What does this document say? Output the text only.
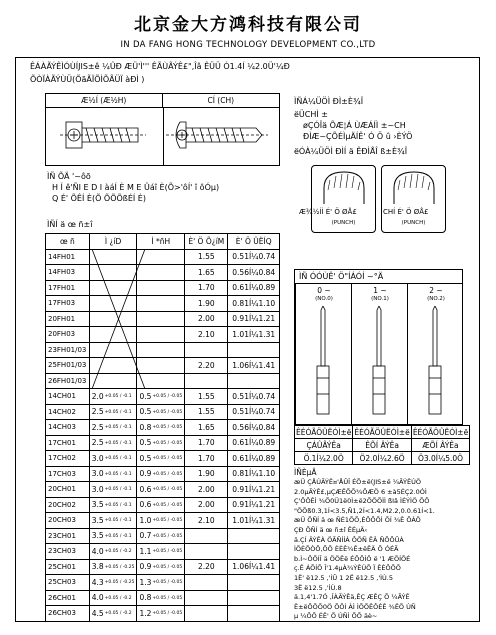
北京金大方鸿科技有限公司
IN DA FANG HONG TECHNOLOGY DEVELOPMENT CO.,LTD
ÊÁÀÃÝÊÌÓÙÍJIS±ê ¼ÛÐ ÆÜ'Ì''' ÊÃÙÃÝÊ£",Îâ ÊÜÜ Ó1.4Í ¼2.0Ü'¼Ð
ÕÒÏÀÃÝÙÜ(ÕãÃÏÕÌÕÃÜÏ àÐÌ )
Æ½Í (Æ½H)	CÍ (CH)
ÌÑ ÕÄ '~ôõ
H Í ê'ÑI E D I àáÍ È M E Ûáî È(Õ>'ôÍ' î ôÓµ)
Q É' ÕÊÍ È(Õ ÕÕÕßÉÍ É)
ÌÑÍ ä œ ñ±î
œ ñ	Ì ¿íD	Ì *ñH	È' Ö Õ¿íM	È' Ö ÛËÍQ
14FH01			1.55	0.51Í¼0.74
14FH03			1.65	0.56Í¼0.84
17FH01			1.70	0.61Í¼0.89
17FH03			1.90	0.81Í¼1.10
20FH01			2.00	0.91Í¼1.21
20FH03			2.10	1.01Í¼1.31
23FH01/03				
25FH01/03			2.20	1.06Í¼1.41
26FH01/03				
14CH01	2.0+0.05 / -0.1	0.5+0.05 / -0.05	1.55	0.51Í¼0.74
14CH02	2.5+0.05 / -0.1	0.5+0.05 / -0.05	1.55	0.51Í¼0.74
14CH03	2.5+0.05 / -0.1	0.8+0.05 / -0.05	1.65	0.56Í¼0.84
17CH01	2.5+0.05 / -0.1	0.5+0.05 / -0.05	1.70	0.61Í¼0.89
17CH02	3.0+0.05 / -0.1	0.5+0.05 / -0.05	1.70	0.61Í¼0.89
17CH03	3.0+0.05 / -0.1	0.9+0.05 / -0.05	1.90	0.81Í¼1.10
20CH01	3.0+0.05 / -0.1	0.6+0.05 / -0.05	2.00	0.91Í¼1.21
20CH02	3.5+0.05 / -0.1	0.6+0.05 / -0.05	2.00	0.91Í¼1.21
20CH03	3.5+0.05 / -0.1	1.0+0.05 / -0.05	2.10	1.01Í¼1.31
23CH01	3.5+0.05 / -0.1	0.7+0.05 / -0.05		
23CH03	4.0+0.05 / -0.2	1.1+0.05 / -0.05		
25CH01	3.8+0.05 / -0.25	0.9+0.05 / -0.05	2.20	1.06Í¼1.41
25CH03	4.3+0.05 / -0.25	1.3+0.05 / -0.05		
26CH01	4.0+0.05 / -0.2	0.8+0.05 / -0.05		
26CH03	4.5+0.05 / -0.2	1.2+0.05 / -0.05		
ÌÑÁ¼ÜÖÌ ÐÌ±È¾Î
ëÜCHÌ ±
øÇÓÎä ÕÆ¦Á ÙÆÁÍÌ ±~CH
ÐÌÆ~ÇÕÉÌµÄÍÊ' Ó Ö û ›ÈÝÖ
ëÓÀ¼ÜÖÌ ÐÌÍ ä ÊÐÌÅÎ ß±È¾Î
Æ¾½ÍÌ É' Ö ØÅ£
(PUNCH)
CHÍ É' Ö ØÅ£
(PUNCH)
ÌÑ ÓÓÙÊ' Ö"ÍÁÓÍ ~°Ä
0 ~
(NO.0)
1 ~
(NO.1)
2 ~
(NO.2)
ÊÉÓÃÖÛËÓÌ±ë	ÊÉÓÃÖÛËÓÌ±ë	ÊÉÓÃÖÛËÓÌ±ë
ÇÁÛÃÝÊa	ÊÕÍ ÂÝÊa	ÆÕÍ ÂÝÊa
Ö.1Í¼2.0Ö	Ö2.0Í¼2.6Ö	Ö3.0Í¼5.0Ö
ÌÑÈµÄ
æÜ ÇÅÚÃÝÊ¤'ÅÛÎ ÉÕ±ë(JIS±ë ¼ÃÝÊÙÖ
2.0µÃÝÊ£,µÇÆÊÕÕ¾ÕÆÖ 6 ±à5ÉÇ2.0ÓÌ
Ç'ÕÕÊÌ ¾Õ0Ü1ë0Ì±ë2ÕÕÕÌÌ ßIâ ÌÉÝÌÖ ÕÔ
"ÕÕß0.3,1Í<3.5,Ñ1,2Í<1.4,M2.2,0.0.61Í<1.
æÜ ÕÑÍ ä œ ÑÉ1ÕÕ,ÉÕÕÕÌ ÕÍ ¾Ê ÕÀÖ
ÇÐ ÕÑÍ ä œ ñ±î ÊÉµÄ‹
ä.ÇÍ ÂÝÊÀ ÖÃÑÍÍÁ ÔÕÑ ÊÂ ÑÕÕÛÀ
ÌÕÈÕÒÔ,ÕÕ ÈÈÊ¾Ê±ëÊÄ Õ ÓÉÃ
b.Ì~ÕÕÍÎ ä ÖÖÊë ÉÕÕÌÖ ë '1 ÆÕÍÕÉ
ç.Ê ÁÕÍÕ Î'1.4µÀ¾ÝÊÚÕ Ï ÊÉÕÕÕ
1Ë' ë12.5 ,'ÍÛ 1 2Ë ë12.5 ,'ÌÙ.5
3Ë ë12.5 ,'ÌÙ.8
ä.1,4'1.7Ó ,ÎÀÃÝÊä,ÊÇ ÆÊÇ Õ ¼ÃÝÊ
Ê±ëÕÕÕ0Ö ÕÕÌ ÀÌ ÌÕÕÊÔÉÊ ¾ÊÕ ÙÑ
µ ¼ÕÕ ÉÊ' Õ ÙÑÌ ÕÕ äè~
